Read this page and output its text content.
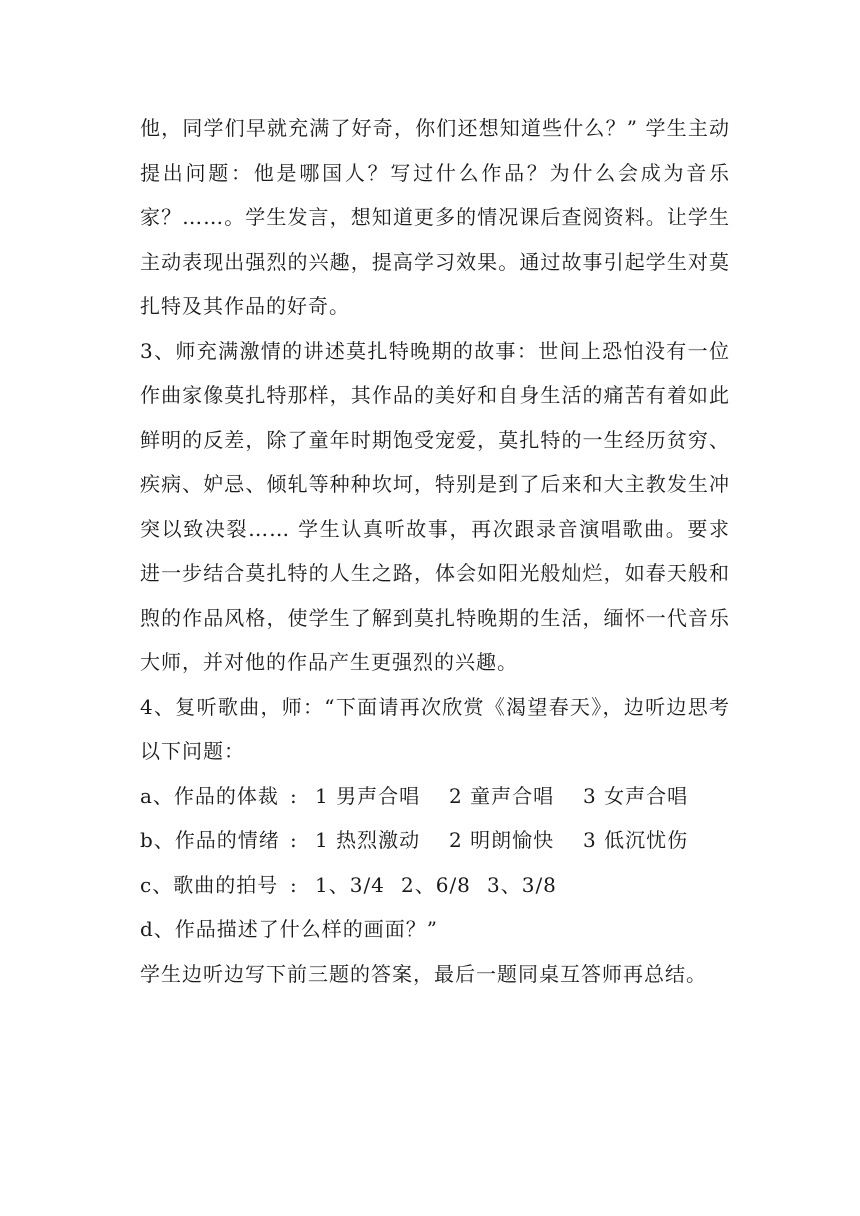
他，同学们早就充满了好奇，你们还想知道些什么？” 学生主动提出问题：他是哪国人？写过什么作品？为什么会成为音乐家？……。学生发言，想知道更多的情况课后查阅资料。让学生主动表现出强烈的兴趣，提高学习效果。通过故事引起学生对莫扎特及其作品的好奇。

3、师充满激情的讲述莫扎特晚期的故事：世间上恐怕没有一位作曲家像莫扎特那样，其作品的美好和自身生活的痛苦有着如此鲜明的反差，除了童年时期饱受宠爱，莫扎特的一生经历贫穷、疾病、妒忌、倾轧等种种坎坷，特别是到了后来和大主教发生冲突以致决裂…… 学生认真听故事，再次跟录音演唱歌曲。要求进一步结合莫扎特的人生之路，体会如阳光般灿烂，如春天般和煦的作品风格，使学生了解到莫扎特晚期的生活，缅怀一代音乐大师，并对他的作品产生更强烈的兴趣。

4、复听歌曲，师：“下面请再次欣赏《渴望春天》，边听边思考以下问题：

a、作品的体裁 : 1 男声合唱	2 童声合唱	3 女声合唱
b、作品的情绪 : 1 热烈激动	2 明朗愉快	3 低沉忧伤
c、歌曲的拍号 : 1、3/4 2、6/8 3、3/8

d、作品描述了什么样的画面？”

学生边听边写下前三题的答案，最后一题同桌互答师再总结。
